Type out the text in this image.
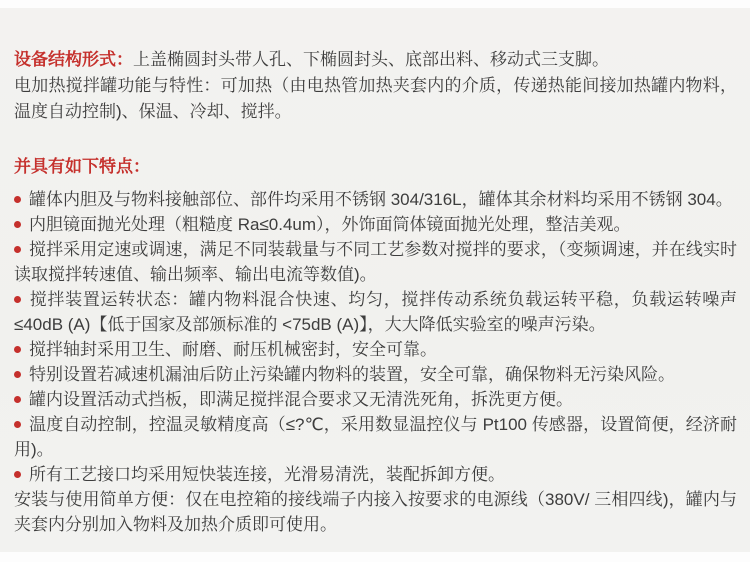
设备结构形式：上盖椭圆封头带人孔、下椭圆封头、底部出料、移动式三支脚。

电加热搅拌罐功能与特性：可加热（由电热管加热夹套内的介质，传递热能间接加热罐内物料，温度自动控制)、保温、冷却、搅拌。

并具有如下特点：

罐体内胆及与物料接触部位、部件均采用不锈钢 304/316L，罐体其余材料均采用不锈钢 304。

内胆镜面抛光处理（粗糙度 Ra≤0.4um），外饰面筒体镜面抛光处理，整洁美观。

搅拌采用定速或调速，满足不同装载量与不同工艺参数对搅拌的要求，（变频调速，并在线实时读取搅拌转速值、输出频率、输出电流等数值)。

搅拌装置运转状态：罐内物料混合快速、均匀，搅拌传动系统负载运转平稳，负载运转噪声≤40dB (A)【低于国家及部颁标准的 <75dB (A)】，大大降低实验室的噪声污染。

搅拌轴封采用卫生、耐磨、耐压机械密封，安全可靠。

特别设置若减速机漏油后防止污染罐内物料的装置，安全可靠，确保物料无污染风险。

罐内设置活动式挡板，即满足搅拌混合要求又无清洗死角，拆洗更方便。

温度自动控制，控温灵敏精度高（≤?℃，采用数显温控仪与 Pt100 传感器，设置简便，经济耐用)。

所有工艺接口均采用短快装连接，光滑易清洗，装配拆卸方便。

安装与使用简单方便：仅在电控箱的接线端子内接入按要求的电源线（380V/ 三相四线)，罐内与夹套内分别加入物料及加热介质即可使用。
